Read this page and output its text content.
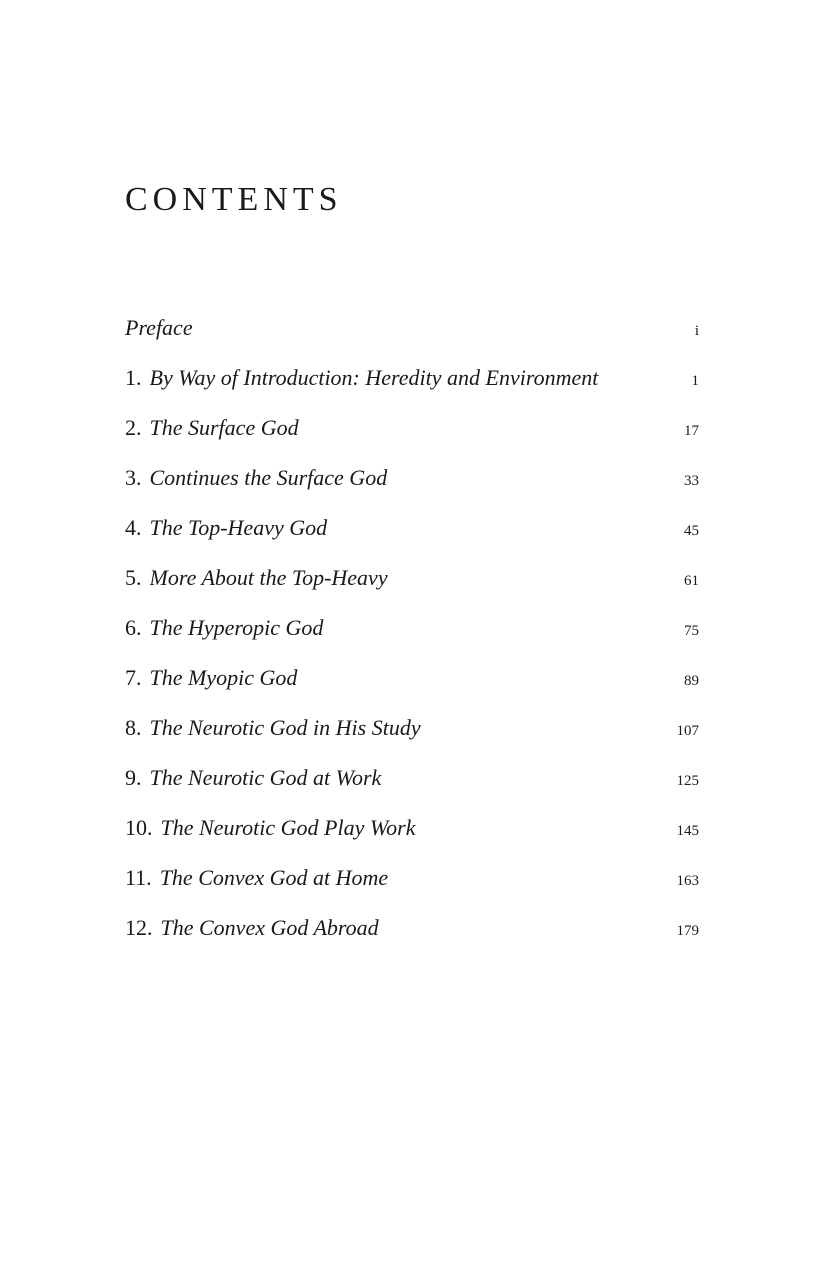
CONTENTS
Preface	i
1. By Way of Introduction: Heredity and Environment	1
2. The Surface God	17
3. Continues the Surface God	33
4. The Top-Heavy God	45
5. More About the Top-Heavy	61
6. The Hyperopic God	75
7. The Myopic God	89
8. The Neurotic God in His Study	107
9. The Neurotic God at Work	125
10. The Neurotic God Play Work	145
11. The Convex God at Home	163
12. The Convex God Abroad	179
